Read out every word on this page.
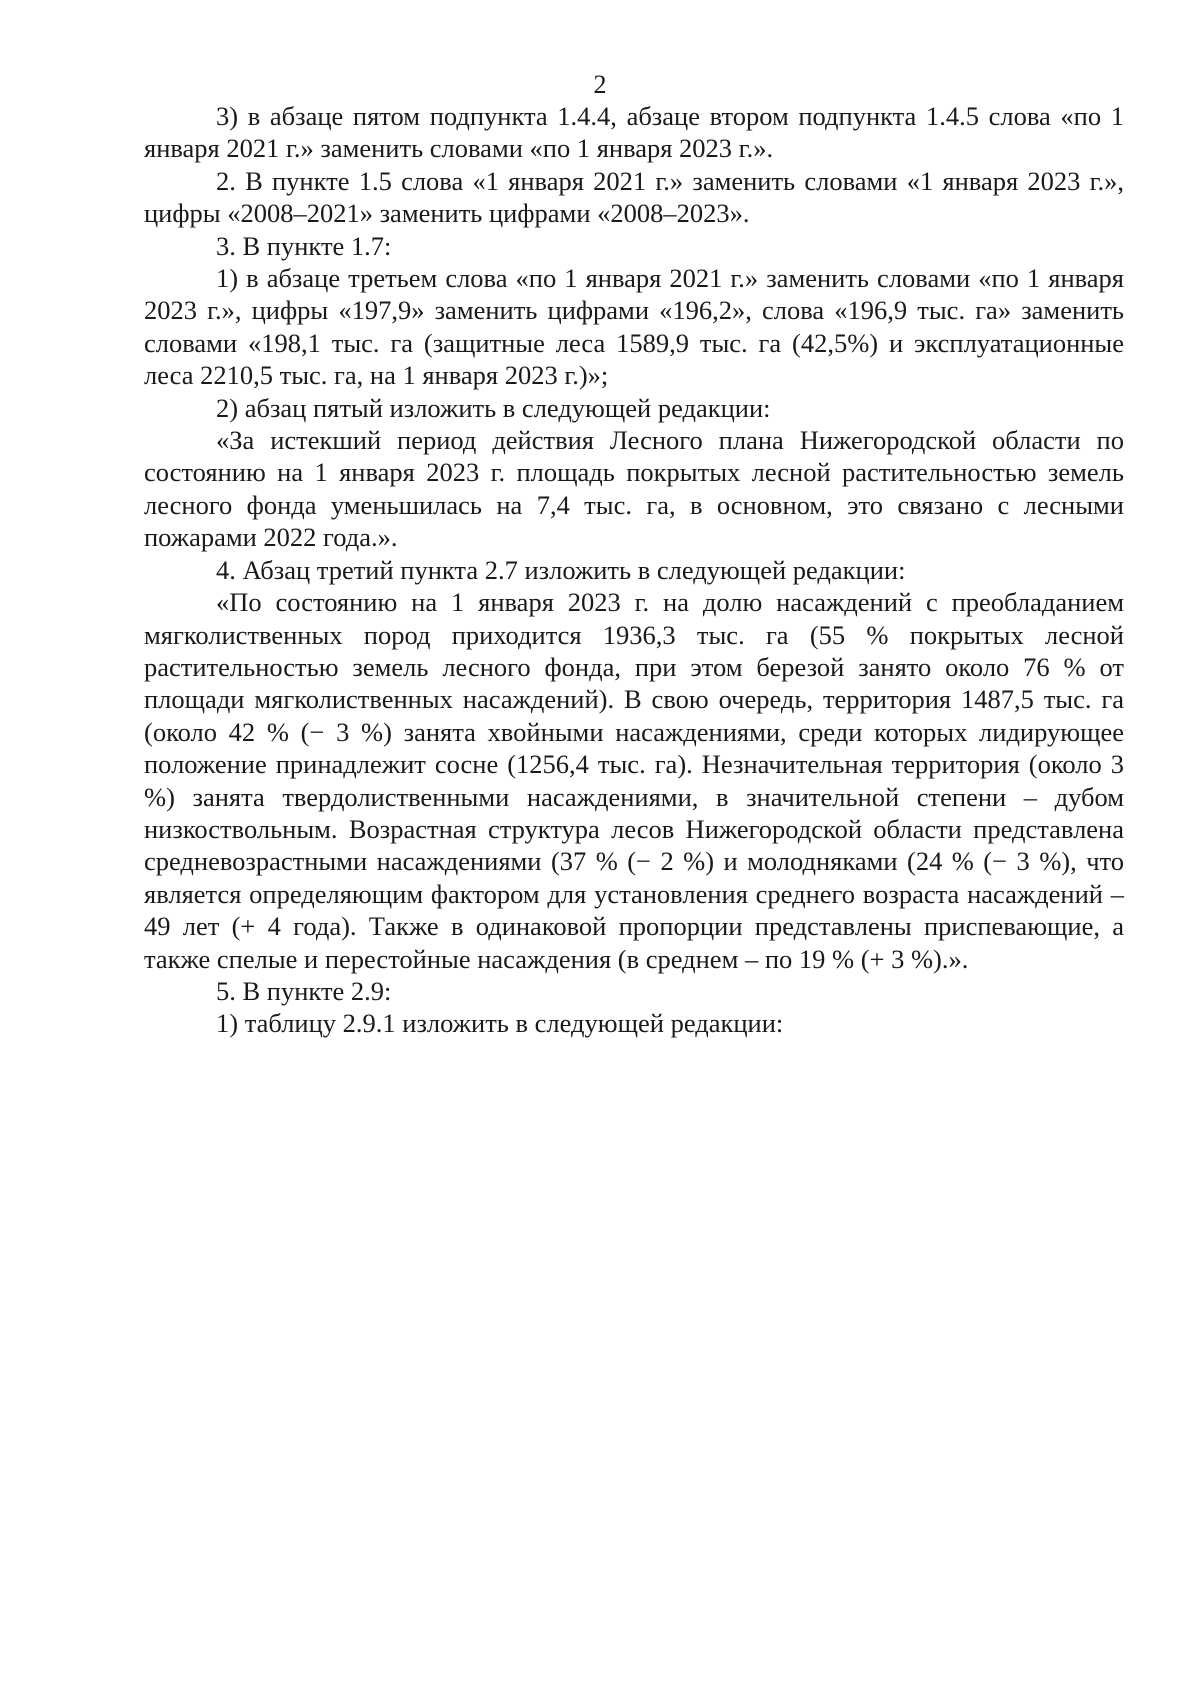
2

3) в абзаце пятом подпункта 1.4.4, абзаце втором подпункта 1.4.5 слова «по 1 января 2021 г.» заменить словами «по 1 января 2023 г.».

2. В пункте 1.5 слова «1 января 2021 г.» заменить словами «1 января 2023 г.», цифры «2008–2021» заменить цифрами «2008–2023».

3. В пункте 1.7:

1) в абзаце третьем слова «по 1 января 2021 г.» заменить словами «по 1 января 2023 г.», цифры «197,9» заменить цифрами «196,2», слова «196,9 тыс. га» заменить словами «198,1 тыс. га (защитные леса 1589,9 тыс. га (42,5%) и эксплуатационные леса 2210,5 тыс. га, на 1 января 2023 г.)»;

2) абзац пятый изложить в следующей редакции:

«За истекший период действия Лесного плана Нижегородской области по состоянию на 1 января 2023 г. площадь покрытых лесной растительностью земель лесного фонда уменьшилась на 7,4 тыс. га, в основном, это связано с лесными пожарами 2022 года.».

4. Абзац третий пункта 2.7 изложить в следующей редакции:

«По состоянию на 1 января 2023 г. на долю насаждений с преобладанием мягколиственных пород приходится 1936,3 тыс. га (55 % покрытых лесной растительностью земель лесного фонда, при этом березой занято около 76 % от площади мягколиственных насаждений). В свою очередь, территория 1487,5 тыс. га (около 42 % (− 3 %) занята хвойными насаждениями, среди которых лидирующее положение принадлежит сосне (1256,4 тыс. га). Незначительная территория (около 3 %) занята твердолиственными насаждениями, в значительной степени – дубом низкоствольным. Возрастная структура лесов Нижегородской области представлена средневозрастными насаждениями (37 % (− 2 %) и молодняками (24 % (− 3 %), что является определяющим фактором для установления среднего возраста насаждений – 49 лет (+ 4 года). Также в одинаковой пропорции представлены приспевающие, а также спелые и перестойные насаждения (в среднем – по 19 % (+ 3 %).».

5. В пункте 2.9:

1) таблицу 2.9.1 изложить в следующей редакции:
